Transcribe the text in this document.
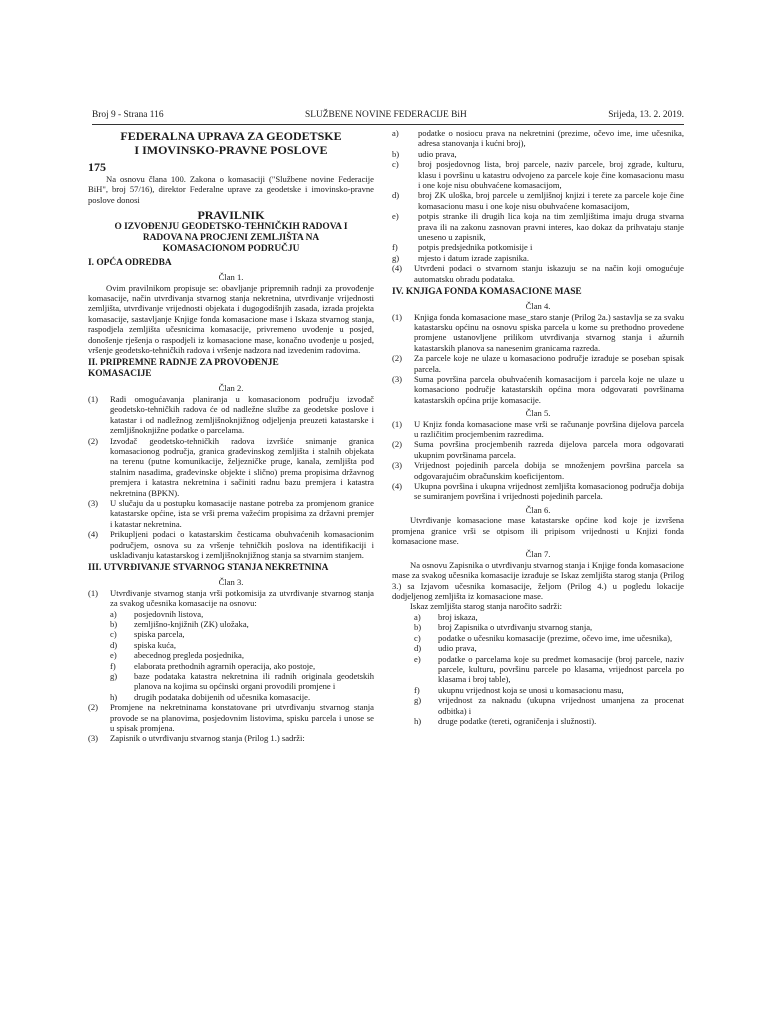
Broj 9 - Strana 116	SLUŽBENE NOVINE FEDERACIJE BiH	Srijeda, 13. 2. 2019.

FEDERALNA UPRAVA ZA GEODETSKE

I IMOVINSKO-PRAVNE POSLOVE

175

Na osnovu člana 100. Zakona o komasaciji ("Službene novine Federacije BiH", broj 57/16), direktor Federalne uprave za geodetske i imovinsko-pravne poslove donosi

PRAVILNIK

O IZVOĐENJU GEODETSKO-TEHNIČKIH RADOVA I

RADOVA NA PROCJENI ZEMLJIŠTA NA

KOMASACIONOM PODRUČJU

I. OPĆA ODREDBA

Član 1.

Ovim pravilnikom propisuje se: obavljanje pripremnih radnji za provođenje komasacije, način utvrđivanja stvarnog stanja nekretnina, utvrđivanje vrijednosti zemljišta, utvrđivanje vrijednosti objekata i dugogodišnjih zasada, izrada projekta komasacije, sastavljanje Knjige fonda komasacione mase i Iskaza stvarnog stanja, raspodjela zemljišta učesnicima komasacije, privremeno uvođenje u posjed, donošenje rješenja o raspodjeli iz komasacione mase, konačno uvođenje u posjed, vršenje geodetsko-tehničkih radova i vršenje nadzora nad izvedenim radovima.

II. PRIPREMNE RADNJE ZA PROVOĐENJE

KOMASACIJE

Član 2.

(1)	Radi omogućavanja planiranja u komasacionom području izvođač geodetsko-tehničkih radova će od nadležne službe za geodetske poslove i katastar i od nadležnog zemljišnoknjižnog odjeljenja preuzeti katastarske i zemljišnoknjižne podatke o parcelama.
(2)	Izvođač geodetsko-tehničkih radova izvršiće snimanje granica komasacionog područja, granica građevinskog zemljišta i stalnih objekata na terenu (putne komunikacije, željezničke pruge, kanala, zemljišta pod stalnim nasadima, građevinske objekte i slično) prema propisima državnog premjera i katastra nekretnina i sačiniti radnu bazu premjera i katastra nekretnina (BPKN).
(3)	U slučaju da u postupku komasacije nastane potreba za promjenom granice katastarske općine, ista se vrši prema važećim propisima za državni premjer i katastar nekretnina.
(4)	Prikupljeni podaci o katastarskim česticama obuhvaćenih komasacionim područjem, osnova su za vršenje tehničkih poslova na identifikaciji i usklađivanju katastarskog i zemljišnoknjižnog stanja sa stvarnim stanjem.

III. UTVRĐIVANJE STVARNOG STANJA NEKRETNINA

Član 3.

(1)	Utvrđivanje stvarnog stanja vrši potkomisija za utvrđivanje stvarnog stanja za svakog učesnika komasacije na osnovu:
a)	posjedovnih listova,
b)	zemljišno-knjižnih (ZK) uložaka,
c)	spiska parcela,
d)	spiska kuća,
e)	abecednog pregleda posjednika,
f)	elaborata prethodnih agrarnih operacija, ako postoje,
g)	baze podataka katastra nekretnina ili radnih originala geodetskih planova na kojima su općinski organi provodili promjene i
h)	drugih podataka dobijenih od učesnika komasacije.
(2)	Promjene na nekretninama konstatovane pri utvrđivanju stvarnog stanja provode se na planovima, posjedovnim listovima, spisku parcela i unose se u spisak promjena.
(3)	Zapisnik o utvrđivanju stvarnog stanja (Prilog 1.) sadrži:
a)	podatke o nosiocu prava na nekretnini (prezime, očevo ime, ime učesnika, adresa stanovanja i kućni broj),
b)	udio prava,
c)	broj posjedovnog lista, broj parcele, naziv parcele, broj zgrade, kulturu, klasu i površinu u katastru odvojeno za parcele koje čine komasacionu masu i one koje nisu obuhvaćene komasacijom,
d)	broj ZK uloška, broj parcele u zemljišnoj knjizi i terete za parcele koje čine komasacionu masu i one koje nisu obuhvaćene komasacijom,
e)	potpis stranke ili drugih lica koja na tim zemljištima imaju druga stvarna prava ili na zakonu zasnovan pravni interes, kao dokaz da prihvataju stanje uneseno u zapisnik,
f)	potpis predsjednika potkomisije i
g)	mjesto i datum izrade zapisnika.
(4)	Utvrđeni podaci o stvarnom stanju iskazuju se na način koji omogućuje automatsku obradu podataka.

IV. KNJIGA FONDA KOMASACIONE MASE

Član 4.

(1)	Knjiga fonda komasacione mase_staro stanje (Prilog 2a.) sastavlja se za svaku katastarsku općinu na osnovu spiska parcela u kome su prethodno provedene promjene ustanovljene prilikom utvrđivanja stvarnog stanja i ažurnih katastarskih planova sa nanesenim granicama razreda.
(2)	Za parcele koje ne ulaze u komasaciono područje izrađuje se poseban spisak parcela.
(3)	Suma površina parcela obuhvaćenih komasacijom i parcela koje ne ulaze u komasaciono područje katastarskih općina mora odgovarati površinama katastarskih općina prije komasacije.

Član 5.

(1)	U Knjiz fonda komasacione mase vrši se računanje površina dijelova parcela u različitim procjembenim razredima.
(2)	Suma površina procjembenih razreda dijelova parcela mora odgovarati ukupnim površinama parcela.
(3)	Vrijednost pojedinih parcela dobija se množenjem površina parcela sa odgovarajućim obračunskim koeficijentom.
(4)	Ukupna površina i ukupna vrijednost zemljišta komasacionog područja dobija se sumiranjem površina i vrijednosti pojedinih parcela.

Član 6.

Utvrđivanje komasacione mase katastarske općine kod koje je izvršena promjena granice vrši se otpisom ili pripisom vrijednosti u Knjizi fonda komasacione mase.

Član 7.

Na osnovu Zapisnika o utvrđivanju stvarnog stanja i Knjige fonda komasacione mase za svakog učesnika komasacije izrađuje se Iskaz zemljišta starog stanja (Prilog 3.) sa Izjavom učesnika komasacije, željom (Prilog 4.) u pogledu lokacije dodjeljenog zemljišta iz komasacione mase.

Iskaz zemljišta starog stanja naročito sadrži:

a)	broj iskaza,
b)	broj Zapisnika o utvrđivanju stvarnog stanja,
c)	podatke o učesniku komasacije (prezime, očevo ime, ime učesnika),
d)	udio prava,
e)	podatke o parcelama koje su predmet komasacije (broj parcele, naziv parcele, kulturu, površinu parcele po klasama, vrijednost parcela po klasama i broj table),
f)	ukupnu vrijednost koja se unosi u komasacionu masu,
g)	vrijednost za naknadu (ukupna vrijednost umanjena za procenat odbitka) i
h)	druge podatke (tereti, ograničenja i služnosti).
